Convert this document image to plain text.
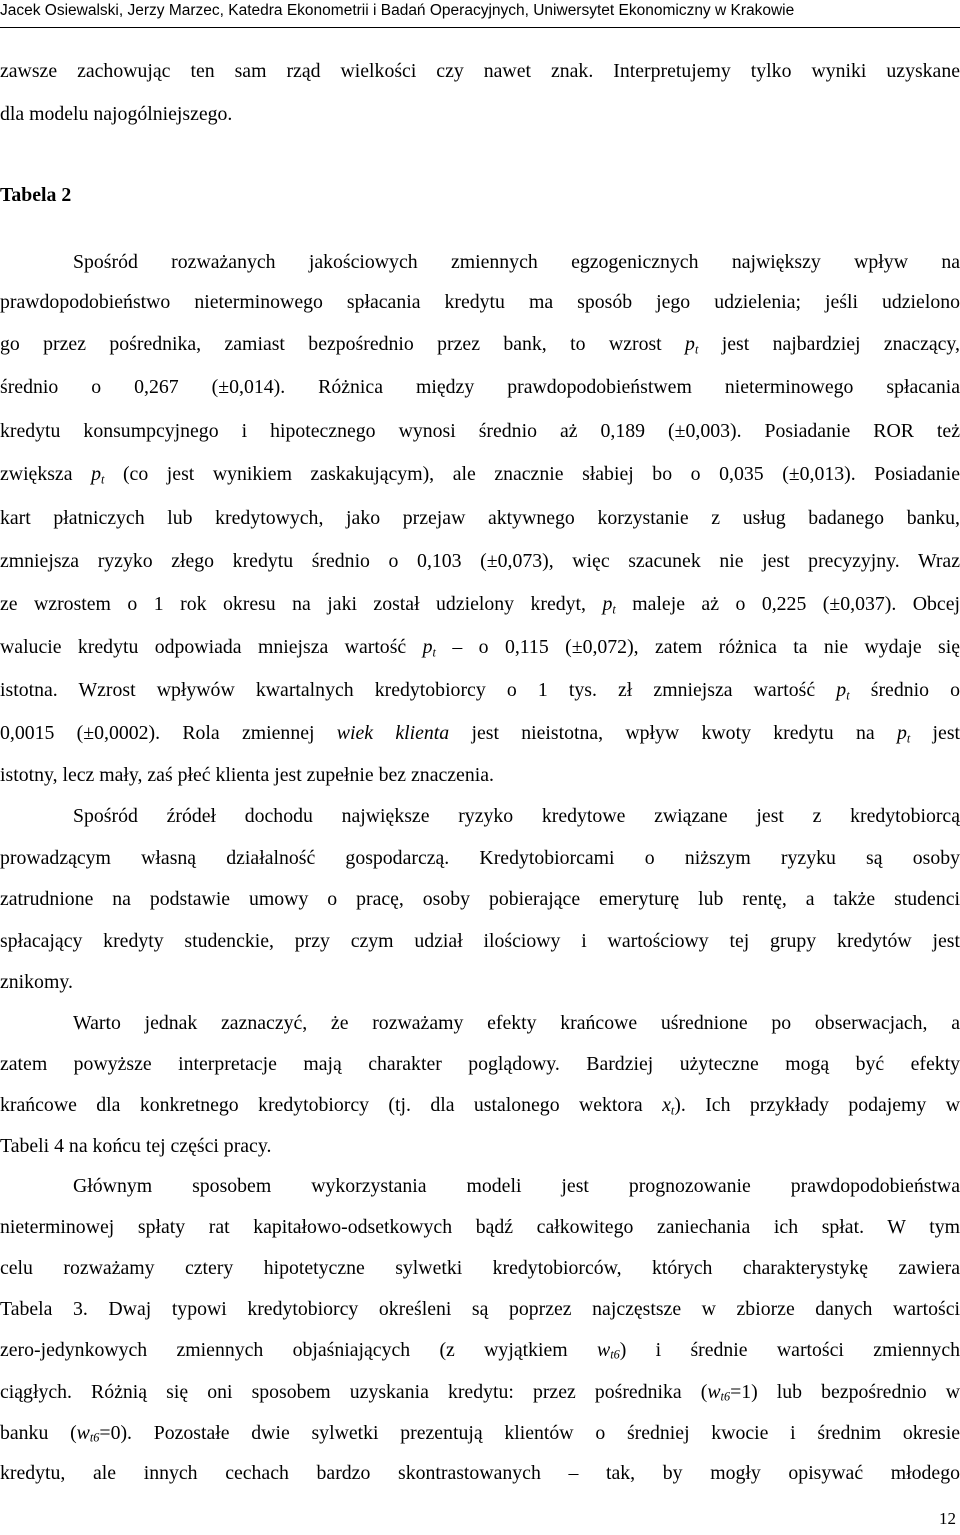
Jacek Osiewalski, Jerzy Marzec, Katedra Ekonometrii i Badań Operacyjnych, Uniwersytet Ekonomiczny w Krakowie
zawsze zachowując ten sam rząd wielkości czy nawet znak. Interpretujemy tylko wyniki uzyskane
dla modelu najogólniejszego.
Tabela 2
Spośród rozważanych jakościowych zmiennych egzogenicznych największy wpływ na
prawdopodobieństwo nieterminowego spłacania kredytu ma sposób jego udzielenia; jeśli udzielono
go przez pośrednika, zamiast bezpośrednio przez bank, to wzrost $p_t$ jest najbardziej znaczący,
średnio o 0,267 (±0,014). Różnica między prawdopodobieństwem nieterminowego spłacania
kredytu konsumpcyjnego i hipotecznego wynosi średnio aż 0,189 (±0,003). Posiadanie ROR też
zwiększa $p_t$ (co jest wynikiem zaskakującym), ale znacznie słabiej bo o 0,035 (±0,013). Posiadanie
kart płatniczych lub kredytowych, jako przejaw aktywnego korzystanie z usług badanego banku,
zmniejsza ryzyko złego kredytu średnio o 0,103 (±0,073), więc szacunek nie jest precyzyjny. Wraz
ze wzrostem o 1 rok okresu na jaki został udzielony kredyt, $p_t$ maleje aż o 0,225 (±0,037). Obcej
walucie kredytu odpowiada mniejsza wartość $p_t$ – o 0,115 (±0,072), zatem różnica ta nie wydaje się
istotna. Wzrost wpływów kwartalnych kredytobiorcy o 1 tys. zł zmniejsza wartość $p_t$ średnio o
0,0015 (±0,0002). Rola zmiennej wiek klienta jest nieistotna, wpływ kwoty kredytu na $p_t$ jest
istotny, lecz mały, zaś płeć klienta jest zupełnie bez znaczenia.
Spośród źródeł dochodu największe ryzyko kredytowe związane jest z kredytobiorcą
prowadzącym własną działalność gospodarczą. Kredytobiorcami o niższym ryzyku są osoby
zatrudnione na podstawie umowy o pracę, osoby pobierające emeryturę lub rentę, a także studenci
spłacający kredyty studenckie, przy czym udział ilościowy i wartościowy tej grupy kredytów jest
znikomy.
Warto jednak zaznaczyć, że rozważamy efekty krańcowe uśrednione po obserwacjach, a
zatem powyższe interpretacje mają charakter poglądowy. Bardziej użyteczne mogą być efekty
krańcowe dla konkretnego kredytobiorcy (tj. dla ustalonego wektora $x_t$). Ich przykłady podajemy w
Tabeli 4 na końcu tej części pracy.
Głównym sposobem wykorzystania modeli jest prognozowanie prawdopodobieństwa
nieterminowej spłaty rat kapitałowo-odsetkowych bądź całkowitego zaniechania ich spłat. W tym
celu rozważamy cztery hipotetyczne sylwetki kredytobiorców, których charakterystykę zawiera
Tabela 3. Dwaj typowi kredytobiorcy określeni są poprzez najczęstsze w zbiorze danych wartości
zero-jedynkowych zmiennych objaśniających (z wyjątkiem $w_{t6}$) i średnie wartości zmiennych
ciągłych. Różnią się oni sposobem uzyskania kredytu: przez pośrednika $(w_{t6}=1)$ lub bezpośrednio w
banku $(w_{t6}=0)$. Pozostałe dwie sylwetki prezentują klientów o średniej kwocie i średnim okresie
kredytu, ale innych cechach bardzo skontrastowanych – tak, by mogły opisywać młodego
12
